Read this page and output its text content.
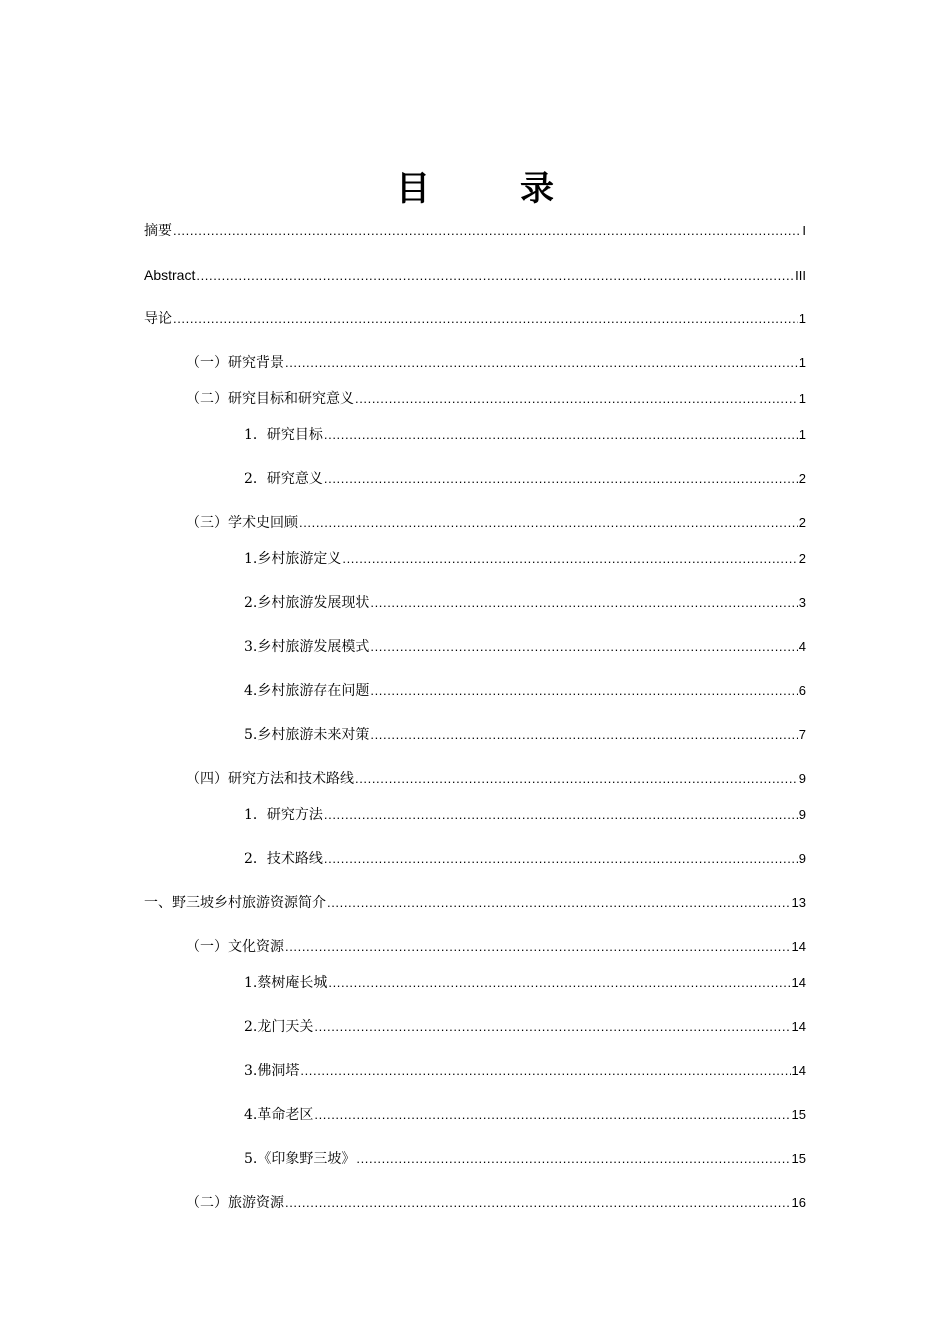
目　录
摘要 .....	I
Abstract .....	III
导论 .....	1
（一）研究背景 .....	1
（二）研究目标和研究意义 .....	1
1．研究目标 .....	1
2．研究意义 .....	2
（三）学术史回顾 .....	2
1.乡村旅游定义 .....	2
2.乡村旅游发展现状 .....	3
3.乡村旅游发展模式 .....	4
4.乡村旅游存在问题 .....	6
5.乡村旅游未来对策 .....	7
（四）研究方法和技术路线 .....	9
1．研究方法 .....	9
2．技术路线 .....	9
一、野三坡乡村旅游资源简介 .....	13
（一）文化资源 .....	14
1.蔡树庵长城 .....	14
2.龙门天关 .....	14
3.佛洞塔 .....	14
4.革命老区 .....	15
5.《印象野三坡》 .....	15
（二）旅游资源 .....	16
